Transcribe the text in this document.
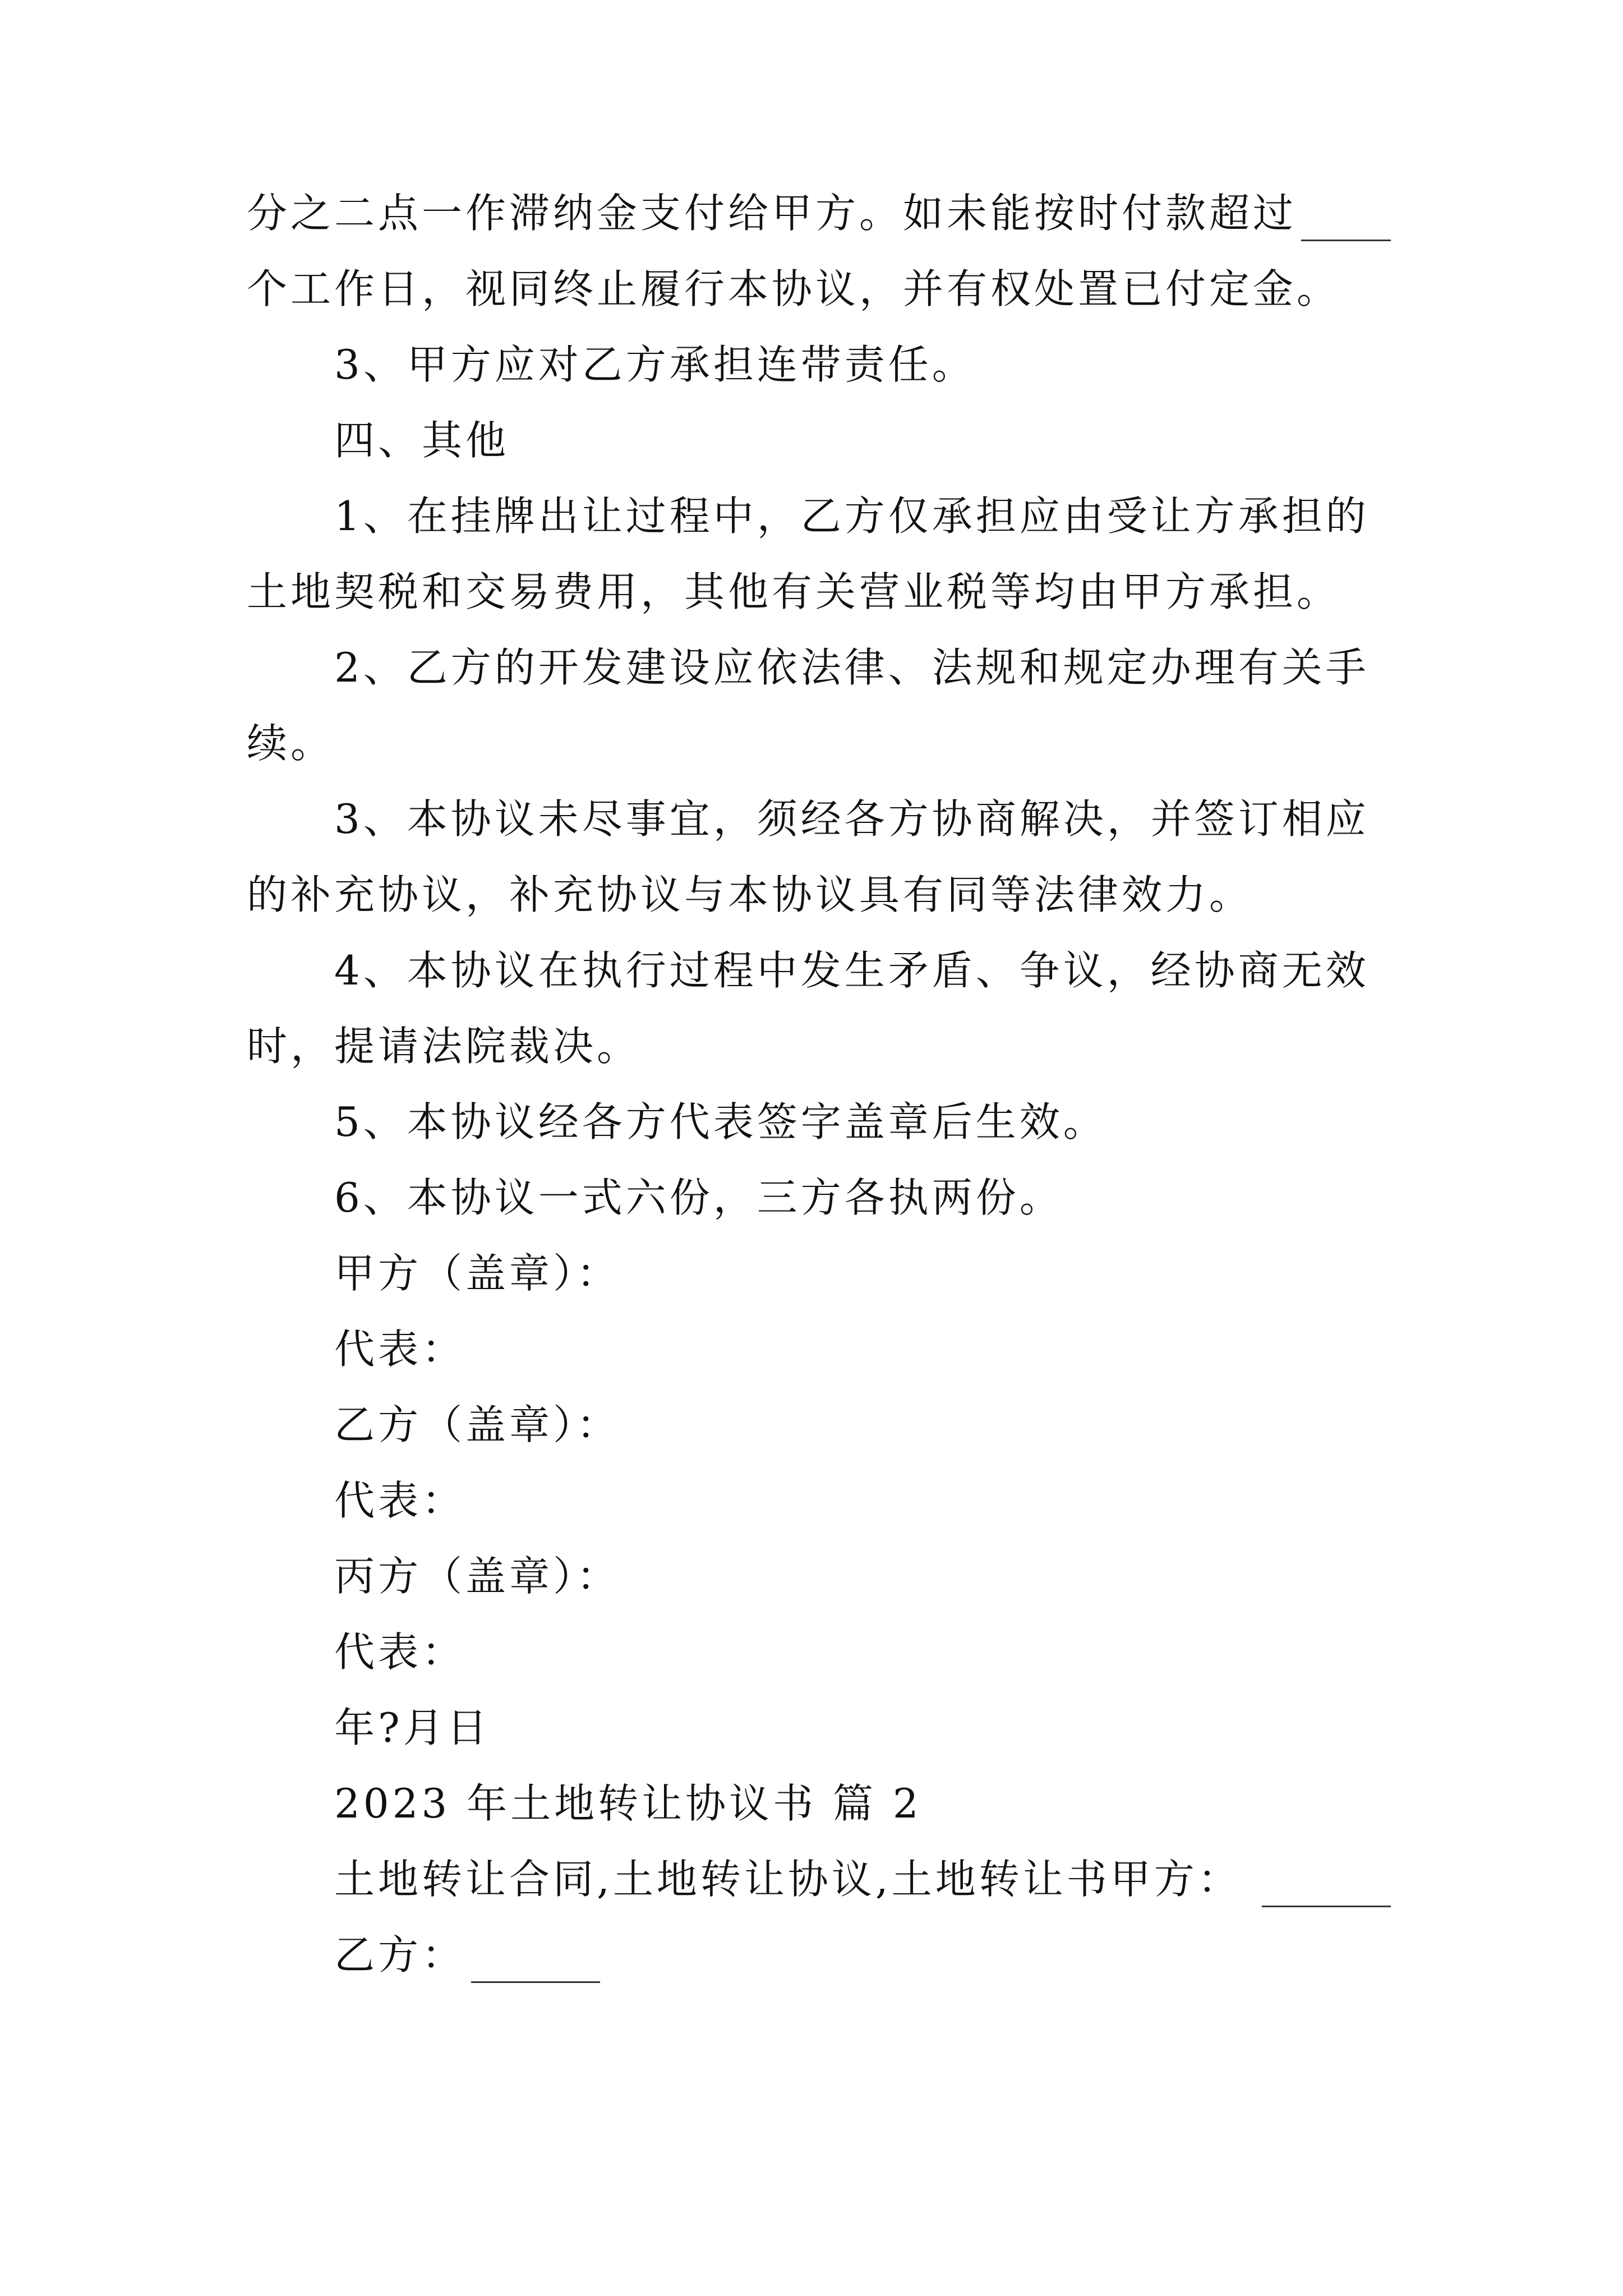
分之二点一作滞纳金支付给甲方。如未能按时付款超过
个工作日，视同终止履行本协议，并有权处置已付定金。
3、甲方应对乙方承担连带责任。
四、其他
1、在挂牌出让过程中，乙方仅承担应由受让方承担的
土地契税和交易费用，其他有关营业税等均由甲方承担。
2、乙方的开发建设应依法律、法规和规定办理有关手
续。
3、本协议未尽事宜，须经各方协商解决，并签订相应
的补充协议，补充协议与本协议具有同等法律效力。
4、本协议在执行过程中发生矛盾、争议，经协商无效
时，提请法院裁决。
5、本协议经各方代表签字盖章后生效。
6、本协议一式六份，三方各执两份。
甲方（盖章）：
代表：
乙方（盖章）：
代表：
丙方（盖章）：
代表：
年?月日
2023 年土地转让协议书 篇 2
土地转让合同,土地转让协议,土地转让书甲方：
乙方：
